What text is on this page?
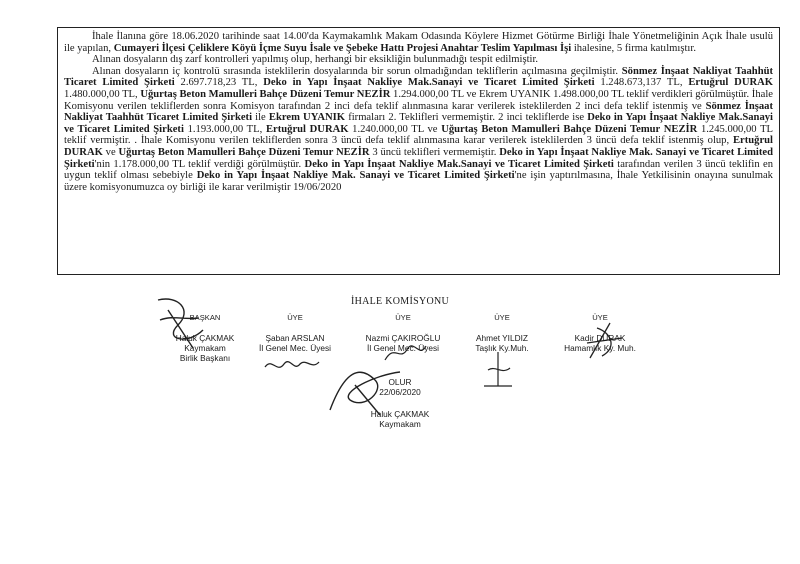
İhale İlanına göre 18.06.2020 tarihinde saat 14.00'da Kaymakamlık Makam Odasında Köylere Hizmet Götürme Birliği İhale Yönetmeliğinin Açık İhale usulü ile yapılan, Cumayeri İlçesi Çeliklere Köyü İçme Suyu İsale ve Şebeke Hattı Projesi Anahtar Teslim Yapılması İşi ihalesine, 5 firma katılmıştır.

Alınan dosyaların dış zarf kontrolleri yapılmış olup, herhangi bir eksikliğin bulunmadığı tespit edilmiştir.

Alınan dosyaların iç kontrolü sırasında isteklilerin dosyalarında bir sorun olmadığından tekliflerin açılmasına geçilmiştir. Sönmez İnşaat Nakliyat Taahhüt Ticaret Limited Şirketi 2.697.718,23 TL, Deko in Yapı İnşaat Nakliye Mak.Sanayi ve Ticaret Limited Şirketi 1.248.673,137 TL, Ertuğrul DURAK 1.480.000,00 TL, Uğurtaş Beton Mamulleri Bahçe Düzeni Temur NEZİR 1.294.000,00 TL ve Ekrem UYANIK 1.498.000,00 TL teklif verdikleri görülmüştür. İhale Komisyonu verilen tekliflerden sonra Komisyon tarafından 2 inci defa teklif alınmasına karar verilerek isteklilerden 2 inci defa teklif istenmiş ve Sönmez İnşaat Nakliyat Taahhüt Ticaret Limited Şirketi ile Ekrem UYANIK firmaları 2. Teklifleri vermemiştir. 2 inci tekliflerde ise Deko in Yapı İnşaat Nakliye Mak.Sanayi ve Ticaret Limited Şirketi 1.193.000,00 TL, Ertuğrul DURAK 1.240.000,00 TL ve Uğurtaş Beton Mamulleri Bahçe Düzeni Temur NEZİR 1.245.000,00 TL teklif vermiştir. . İhale Komisyonu verilen tekliflerden sonra 3 üncü defa teklif alınmasına karar verilerek isteklilerden 3 üncü defa teklif istenmiş olup, Ertuğrul DURAK ve Uğurtaş Beton Mamulleri Bahçe Düzeni Temur NEZİR 3 üncü teklifleri vermemiştir. Deko in Yapı İnşaat Nakliye Mak. Sanayi ve Ticaret Limited Şirketi'nin 1.178.000,00 TL teklif verdiği görülmüştür. Deko in Yapı İnşaat Nakliye Mak.Sanayi ve Ticaret Limited Şirketi tarafından verilen 3 üncü teklifin en uygun teklif olması sebebiyle Deko in Yapı İnşaat Nakliye Mak. Sanayi ve Ticaret Limited Şirketi'ne işin yaptırılmasına, İhale Yetkilisinin onayına sunulmak üzere komisyonumuzca oy birliği ile karar verilmiştir 19/06/2020

İHALE KOMİSYONU
BAŞKAN
Haluk ÇAKMAK
Kaymakam
Birlik Başkanı
ÜYE
Şaban ARSLAN
İl Genel Mec. Üyesi
ÜYE
Nazmi ÇAKIROĞLU
İl Genel Mec. Üyesi
ÜYE
Ahmet YILDIZ
Taşlık Ky.Muh.
ÜYE
Kadir DURAK
Hamamlık Ky. Muh.
OLUR
22/06/2020
Haluk ÇAKMAK
Kaymakam
